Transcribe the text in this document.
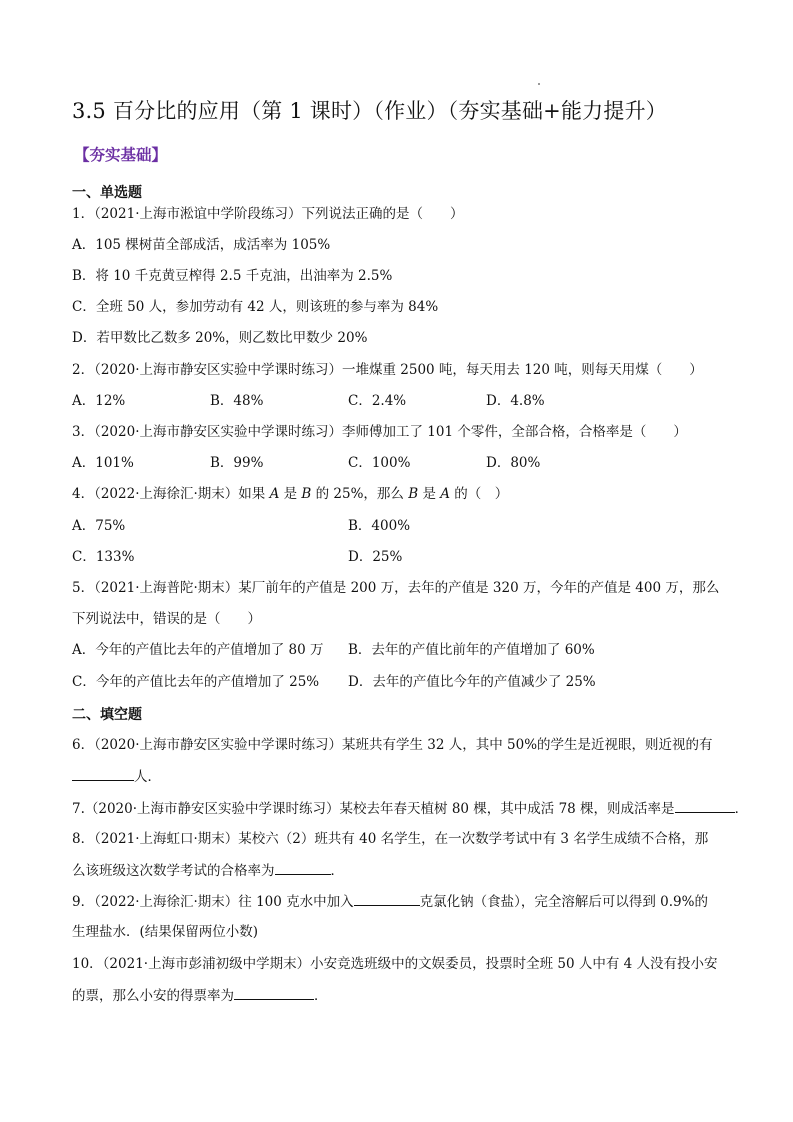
3.5 百分比的应用（第 1 课时）（作业）（夯实基础+能力提升）
【夯实基础】
一、单选题
1．（2021·上海市淞谊中学阶段练习）下列说法正确的是（　　）
A．105 棵树苗全部成活，成活率为 105%
B．将 10 千克黄豆榨得 2.5 千克油，出油率为 2.5%
C．全班 50 人，参加劳动有 42 人，则该班的参与率为 84%
D．若甲数比乙数多 20%，则乙数比甲数少 20%
2．（2020·上海市静安区实验中学课时练习）一堆煤重 2500 吨，每天用去 120 吨，则每天用煤（　　）
A．12%	B．48%	C．2.4%	D．4.8%
3．（2020·上海市静安区实验中学课时练习）李师傅加工了 101 个零件，全部合格，合格率是（　　）
A．101%	B．99%	C．100%	D．80%
4．（2022·上海徐汇·期末）如果 A 是 B 的 25%，那么 B 是 A 的（　）
A．75%	B．400%
C．133%	D．25%
5．（2021·上海普陀·期末）某厂前年的产值是 200 万，去年的产值是 320 万，今年的产值是 400 万，那么
下列说法中，错误的是（　　）
A．今年的产值比去年的产值增加了 80 万 B．去年的产值比前年的产值增加了 60%
C．今年的产值比去年的产值增加了 25% D．去年的产值比今年的产值减少了 25%
二、填空题
6．（2020·上海市静安区实验中学课时练习）某班共有学生 32 人，其中 50%的学生是近视眼，则近视的有
人．
7.（2020·上海市静安区实验中学课时练习）某校去年春天植树 80 棵，其中成活 78 棵，则成活率是	．
8．（2021·上海虹口·期末）某校六（2）班共有 40 名学生，在一次数学考试中有 3 名学生成绩不合格，那
么该班级这次数学考试的合格率为	．
9．（2022·上海徐汇·期末）往 100 克水中加入	克氯化钠（食盐），完全溶解后可以得到 0.9%的
生理盐水．(结果保留两位小数)
10．（2021·上海市彭浦初级中学期末）小安竞选班级中的文娱委员，投票时全班 50 人中有 4 人没有投小安
的票，那么小安的得票率为	．
